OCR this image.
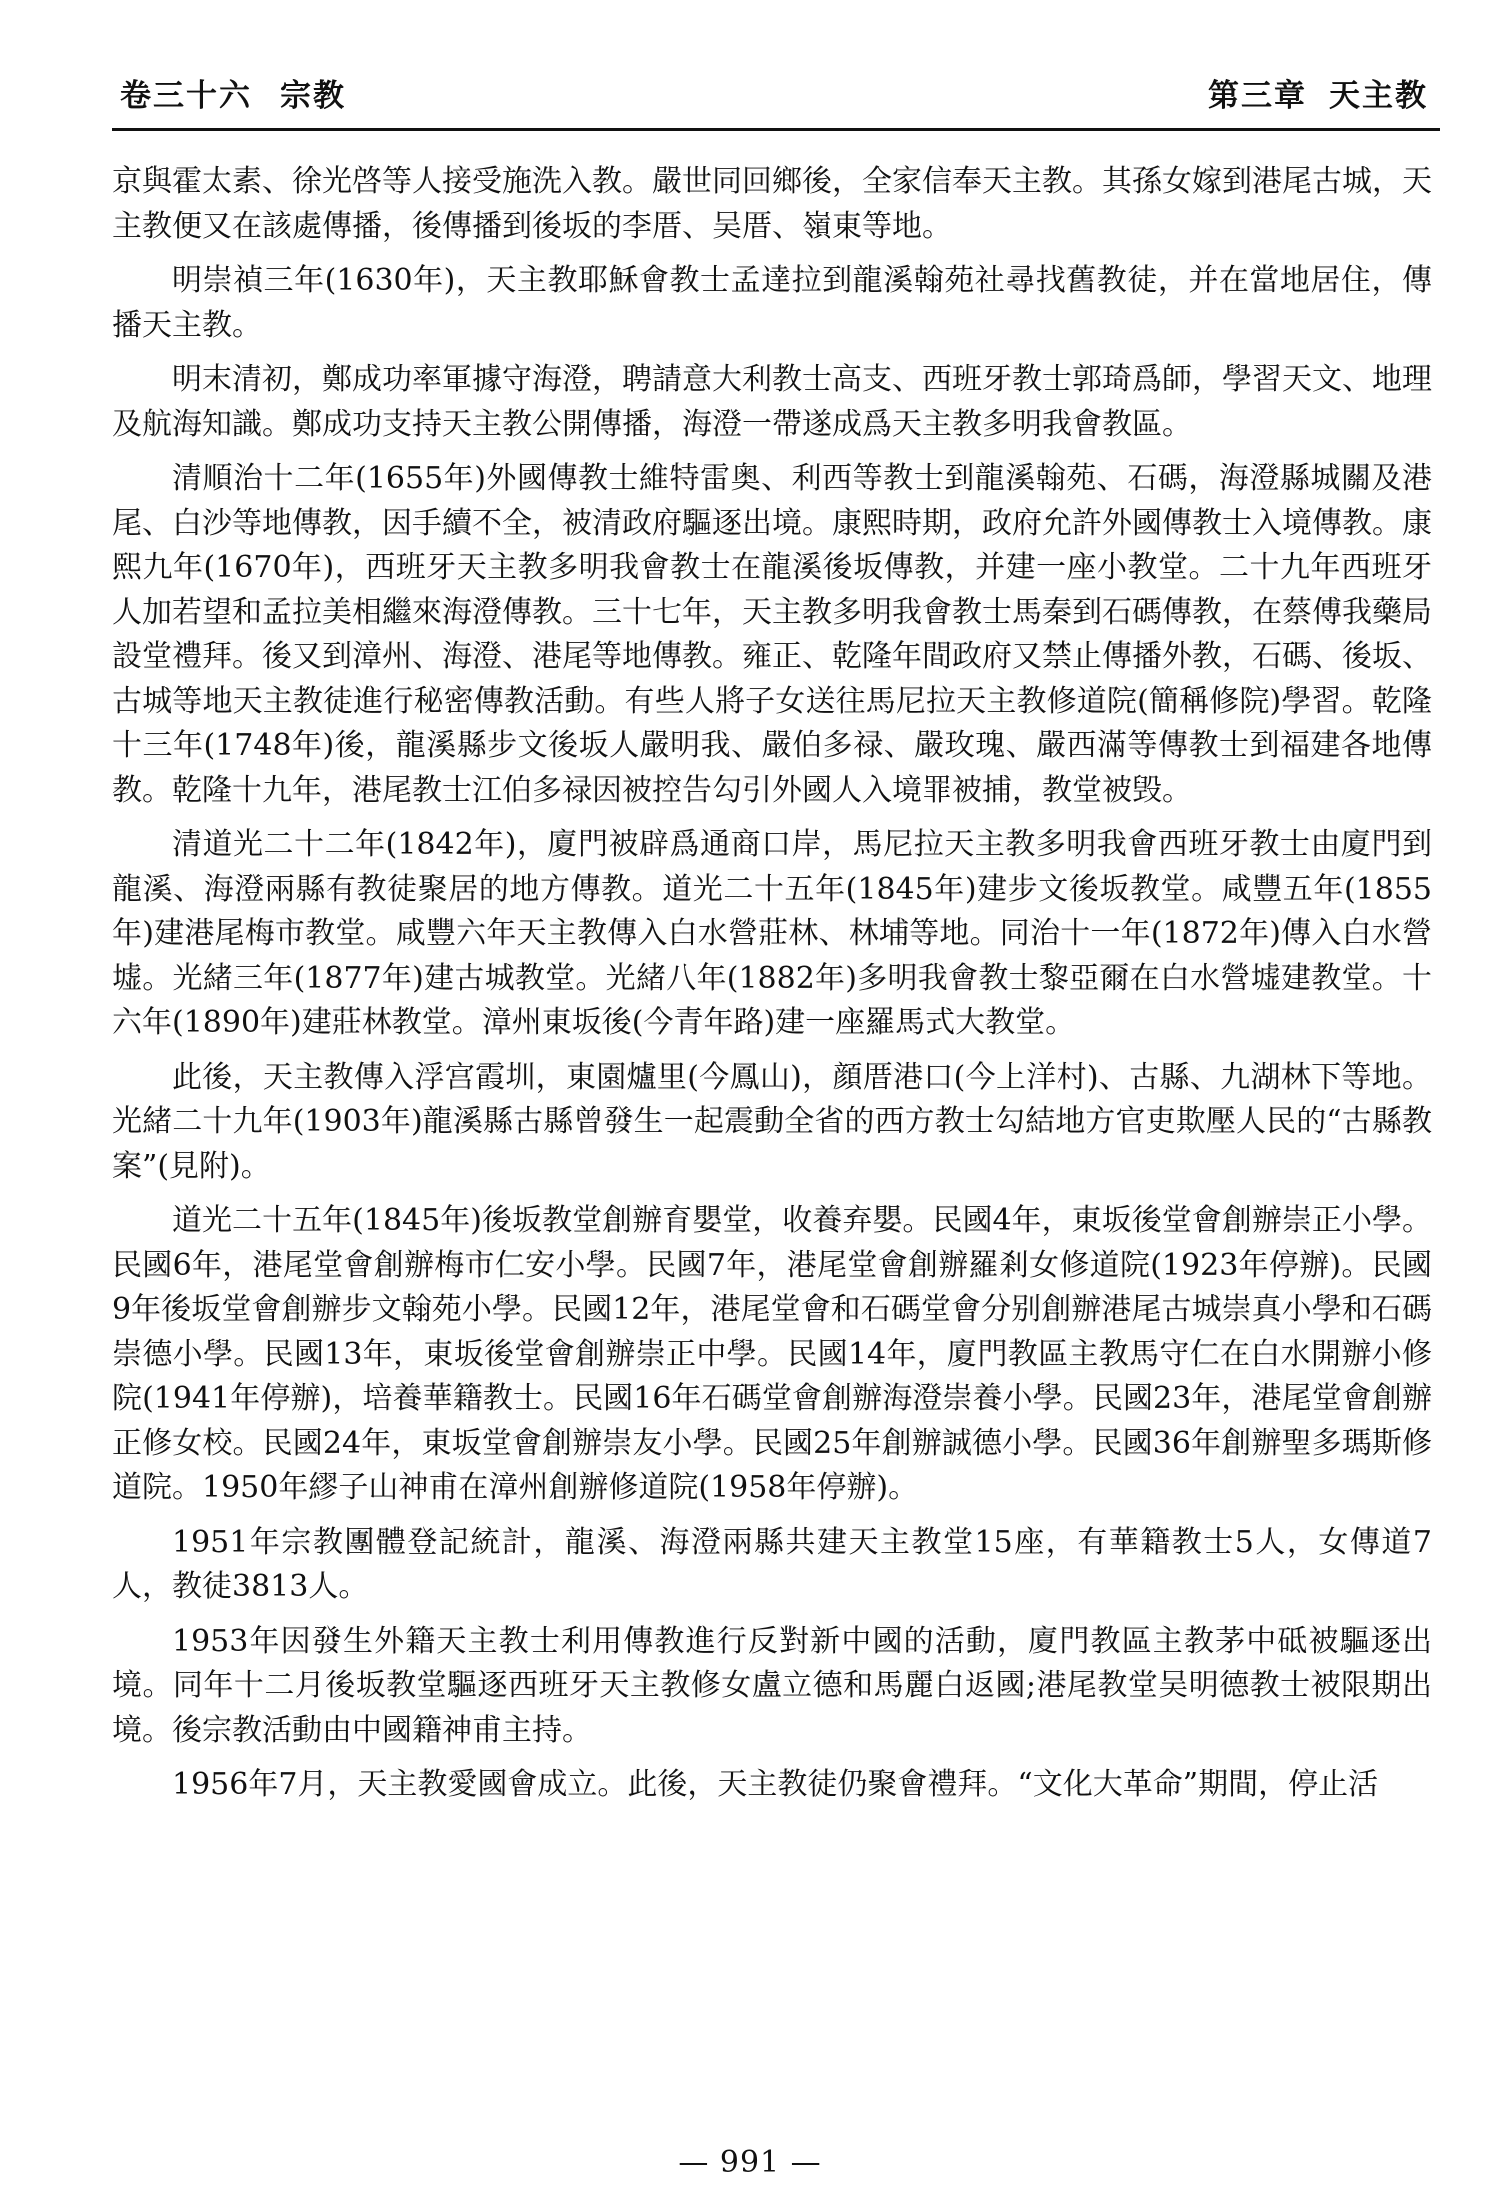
卷三十六 宗教	第三章 天主教

京與霍太素、徐光啓等人接受施洗入教。嚴世同回鄉後，全家信奉天主教。其孫女嫁到港尾古城，天主教便又在該處傳播，後傳播到後坂的李厝、吴厝、嶺東等地。

明崇禎三年(1630年)，天主教耶穌會教士孟達拉到龍溪翰苑社尋找舊教徒，并在當地居住，傳播天主教。

明末清初，鄭成功率軍據守海澄，聘請意大利教士高支、西班牙教士郭琦爲師，學習天文、地理及航海知識。鄭成功支持天主教公開傳播，海澄一帶遂成爲天主教多明我會教區。

清順治十二年(1655年)外國傳教士維特雷奥、利西等教士到龍溪翰苑、石碼，海澄縣城關及港尾、白沙等地傳教，因手續不全，被清政府驅逐出境。康熙時期，政府允許外國傳教士入境傳教。康熙九年(1670年)，西班牙天主教多明我會教士在龍溪後坂傳教，并建一座小教堂。二十九年西班牙人加若望和孟拉美相繼來海澄傳教。三十七年，天主教多明我會教士馬秦到石碼傳教，在蔡傅我藥局設堂禮拜。後又到漳州、海澄、港尾等地傳教。雍正、乾隆年間政府又禁止傳播外教，石碼、後坂、古城等地天主教徒進行秘密傳教活動。有些人將子女送往馬尼拉天主教修道院(簡稱修院)學習。乾隆十三年(1748年)後，龍溪縣步文後坂人嚴明我、嚴伯多禄、嚴玫瑰、嚴西滿等傳教士到福建各地傳教。乾隆十九年，港尾教士江伯多禄因被控告勾引外國人入境罪被捕，教堂被毁。

清道光二十二年(1842年)，廈門被辟爲通商口岸，馬尼拉天主教多明我會西班牙教士由廈門到龍溪、海澄兩縣有教徒聚居的地方傳教。道光二十五年(1845年)建步文後坂教堂。咸豐五年(1855年)建港尾梅市教堂。咸豐六年天主教傳入白水營莊林、林埔等地。同治十一年(1872年)傳入白水營墟。光緒三年(1877年)建古城教堂。光緒八年(1882年)多明我會教士黎亞爾在白水營墟建教堂。十六年(1890年)建莊林教堂。漳州東坂後(今青年路)建一座羅馬式大教堂。

此後，天主教傳入浮宫霞圳，東園爐里(今鳳山)，顔厝港口(今上洋村)、古縣、九湖林下等地。光緒二十九年(1903年)龍溪縣古縣曾發生一起震動全省的西方教士勾結地方官吏欺壓人民的“古縣教案”(見附)。

道光二十五年(1845年)後坂教堂創辦育嬰堂，收養弃嬰。民國4年，東坂後堂會創辦崇正小學。民國6年，港尾堂會創辦梅市仁安小學。民國7年，港尾堂會創辦羅剎女修道院(1923年停辦)。民國9年後坂堂會創辦步文翰苑小學。民國12年，港尾堂會和石碼堂會分别創辦港尾古城崇真小學和石碼崇德小學。民國13年，東坂後堂會創辦崇正中學。民國14年，廈門教區主教馬守仁在白水開辦小修院(1941年停辦)，培養華籍教士。民國16年石碼堂會創辦海澄崇養小學。民國23年，港尾堂會創辦正修女校。民國24年，東坂堂會創辦崇友小學。民國25年創辦誠德小學。民國36年創辦聖多瑪斯修道院。1950年繆子山神甫在漳州創辦修道院(1958年停辦)。

1951年宗教團體登記統計，龍溪、海澄兩縣共建天主教堂15座，有華籍教士5人，女傳道7人，教徒3813人。

1953年因發生外籍天主教士利用傳教進行反對新中國的活動，廈門教區主教茅中砥被驅逐出境。同年十二月後坂教堂驅逐西班牙天主教修女盧立德和馬麗白返國;港尾教堂吴明德教士被限期出境。後宗教活動由中國籍神甫主持。

1956年7月，天主教愛國會成立。此後，天主教徒仍聚會禮拜。“文化大革命”期間，停止活

— 991 —
